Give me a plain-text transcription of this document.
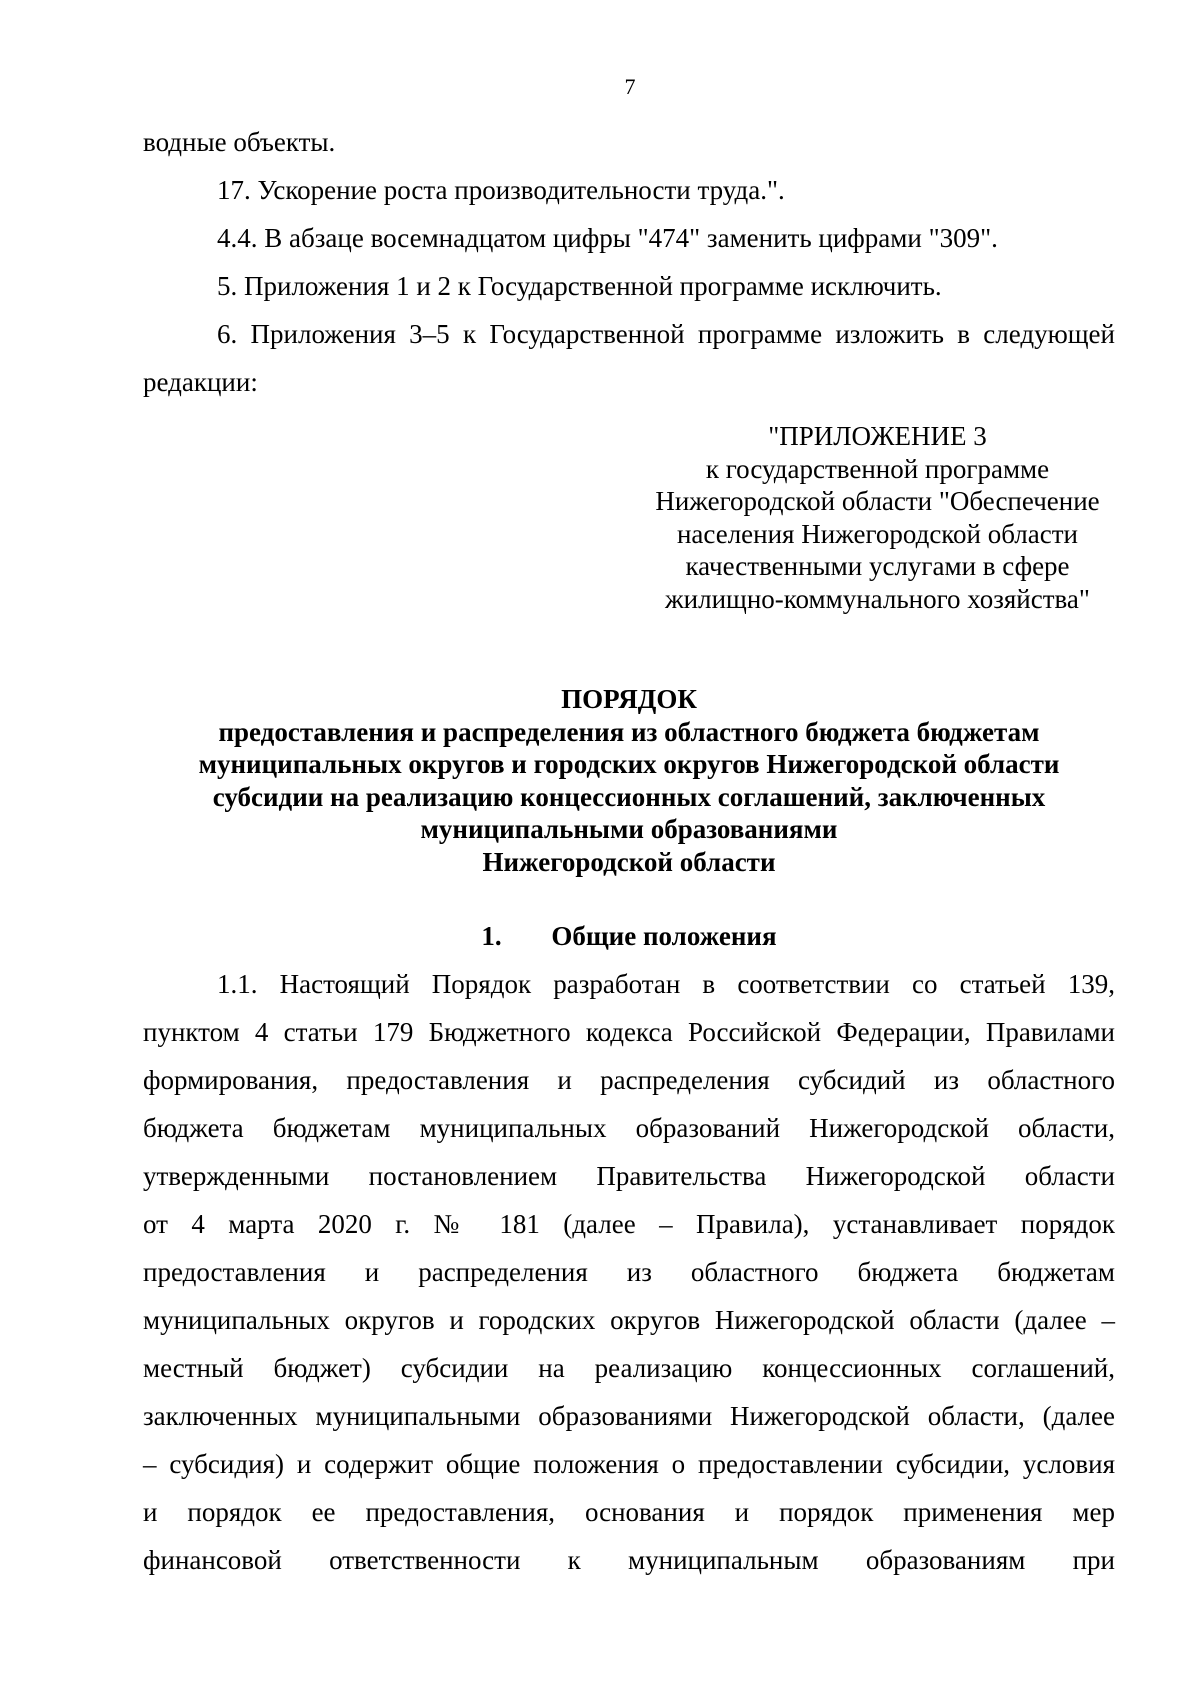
7

водные объекты.

17. Ускорение роста производительности труда.".

4.4. В абзаце восемнадцатом цифры "474" заменить цифрами "309".

5. Приложения 1 и 2 к Государственной программе исключить.

6. Приложения 3–5 к Государственной программе изложить в следующей
редакции:
"ПРИЛОЖЕНИЕ 3
к государственной программе
Нижегородской области "Обеспечение
населения Нижегородской области
качественными услугами в сфере
жилищно-коммунального хозяйства"
ПОРЯДОК
предоставления и распределения из областного бюджета бюджетам
муниципальных округов и городских округов Нижегородской области
субсидии на реализацию концессионных соглашений, заключенных
муниципальными образованиями
Нижегородской области
1. Общие положения
1.1. Настоящий Порядок разработан в соответствии со статьей 139,
пунктом 4 статьи 179 Бюджетного кодекса Российской Федерации, Правилами
формирования, предоставления и распределения субсидий из областного
бюджета бюджетам муниципальных образований Нижегородской области,
утвержденными постановлением Правительства Нижегородской области
от 4 марта 2020 г. № 181 (далее – Правила), устанавливает порядок
предоставления и распределения из областного бюджета бюджетам
муниципальных округов и городских округов Нижегородской области (далее –
местный бюджет) субсидии на реализацию концессионных соглашений,
заключенных муниципальными образованиями Нижегородской области, (далее
– субсидия) и содержит общие положения о предоставлении субсидии, условия
и порядок ее предоставления, основания и порядок применения мер
финансовой ответственности к муниципальным образованиям при
